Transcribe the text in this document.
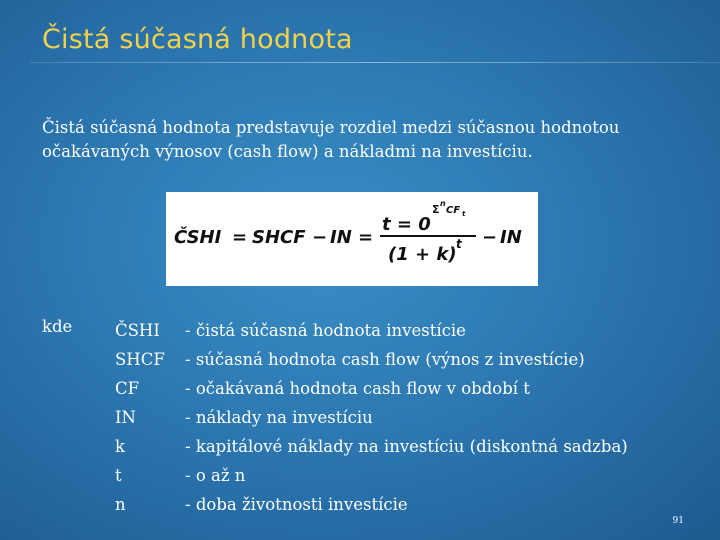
Čistá súčasná hodnota
Čistá súčasná hodnota predstavuje rozdiel medzi súčasnou hodnotou očakávaných výnosov (cash flow) a nákladmi na investíciu.
ČSHI = SHCF − IN =
t = 0
Σ n
CF t
(1 + k) t − IN
kde	ČSHI - čistá súčasná hodnota investície
SHCF - súčasná hodnota cash flow (výnos z investície)
CF	- očakávaná hodnota cash flow v období t
IN	- náklady na investíciu
k	- kapitálové náklady na investíciu (diskontná sadzba)
t	- o až n
n	- doba životnosti investície
91
